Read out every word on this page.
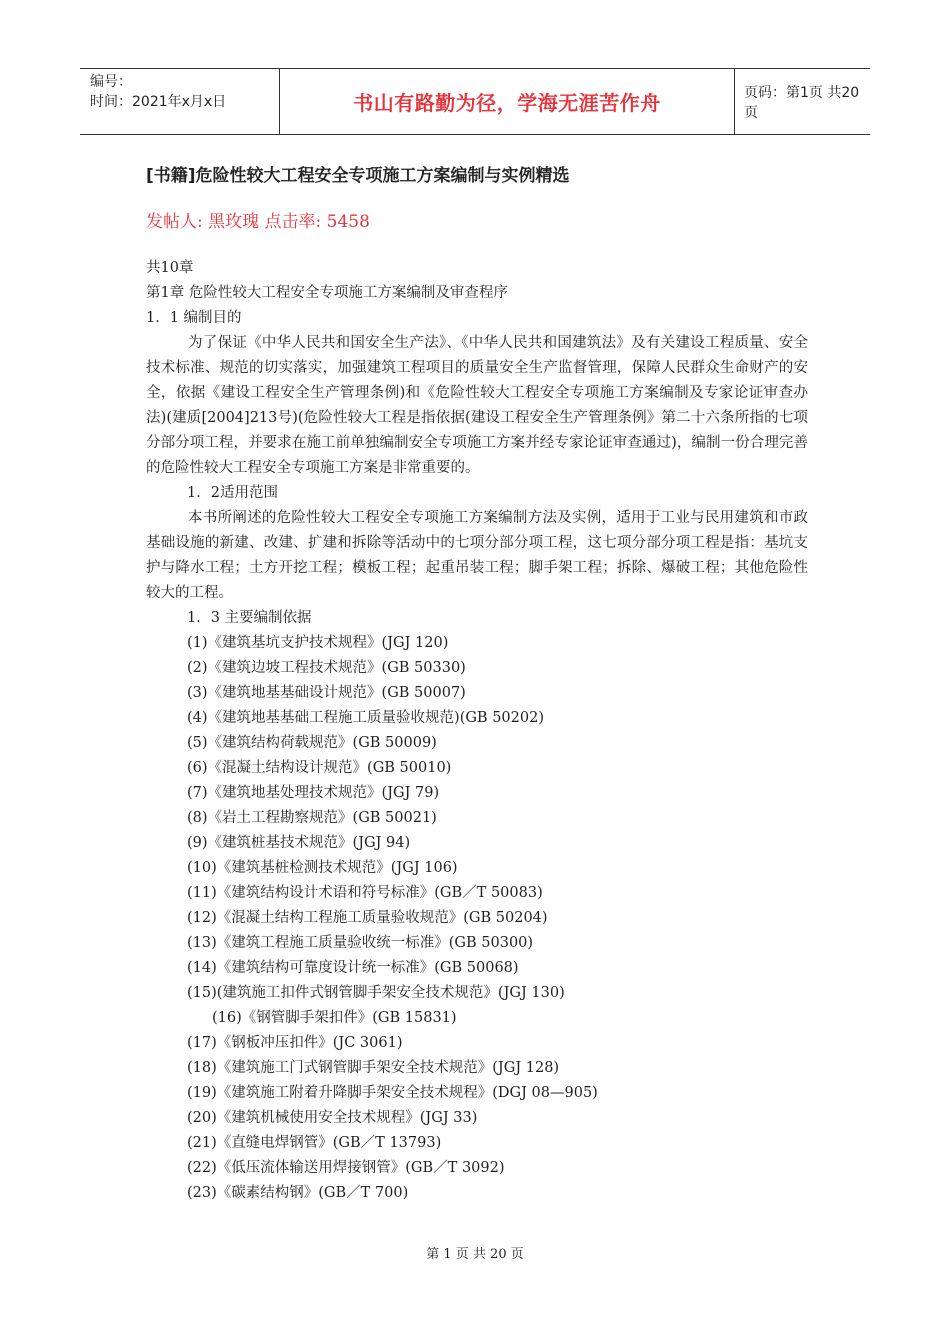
编号：
时间：2021年x月x日	书山有路勤为径，学海无涯苦作舟	页码：第1页 共20页
[书籍]危险性较大工程安全专项施工方案编制与实例精选
发帖人: 黑玫瑰 点击率: 5458
共10章
第1章 危险性较大工程安全专项施工方案编制及审查程序
1．1 编制目的
为了保证《中华人民共和国安全生产法》、《中华人民共和国建筑法》及有关建设工程质量、安全技术标准、规范的切实落实，加强建筑工程项目的质量安全生产监督管理，保障人民群众生命财产的安全，依据《建设工程安全生产管理条例)和《危险性较大工程安全专项施工方案编制及专家论证审查办法)(建质[2004]213号)(危险性较大工程是指依据(建设工程安全生产管理条例》第二十六条所指的七项分部分项工程，并要求在施工前单独编制安全专项施工方案并经专家论证审查通过)，编制一份合理完善的危险性较大工程安全专项施工方案是非常重要的。
1．2适用范围
本书所阐述的危险性较大工程安全专项施工方案编制方法及实例，适用于工业与民用建筑和市政基础设施的新建、改建、扩建和拆除等活动中的七项分部分项工程，这七项分部分项工程是指：基坑支护与降水工程；土方开挖工程；模板工程；起重吊装工程；脚手架工程；拆除、爆破工程；其他危险性较大的工程。
1．3 主要编制依据
(1)《建筑基坑支护技术规程》(JGJ 120)
(2)《建筑边坡工程技术规范》(GB 50330)
(3)《建筑地基基础设计规范》(GB 50007)
(4)《建筑地基基础工程施工质量验收规范)(GB 50202)
(5)《建筑结构荷载规范》(GB 50009)
(6)《混凝土结构设计规范》(GB 50010)
(7)《建筑地基处理技术规范》(JGJ 79)
(8)《岩土工程勘察规范》(GB 50021)
(9)《建筑桩基技术规范》(JGJ 94)
(10)《建筑基桩检测技术规范》(JGJ 106)
(11)《建筑结构设计术语和符号标准》(GB／T 50083)
(12)《混凝土结构工程施工质量验收规范》(GB 50204)
(13)《建筑工程施工质量验收统一标准》(GB 50300)
(14)《建筑结构可靠度设计统一标准》(GB 50068)
(15)(建筑施工扣件式钢管脚手架安全技术规范》(JGJ 130)
(16)《钢管脚手架扣件》(GB 15831)
(17)《钢板冲压扣件》(JC 3061)
(18)《建筑施工门式钢管脚手架安全技术规范》(JGJ 128)
(19)《建筑施工附着升降脚手架安全技术规程》(DGJ 08—905)
(20)《建筑机械使用安全技术规程》(JGJ 33)
(21)《直缝电焊钢管》(GB／T 13793)
(22)《低压流体输送用焊接钢管》(GB／T 3092)
(23)《碳素结构钢》(GB／T 700)
第 1 页 共 20 页
